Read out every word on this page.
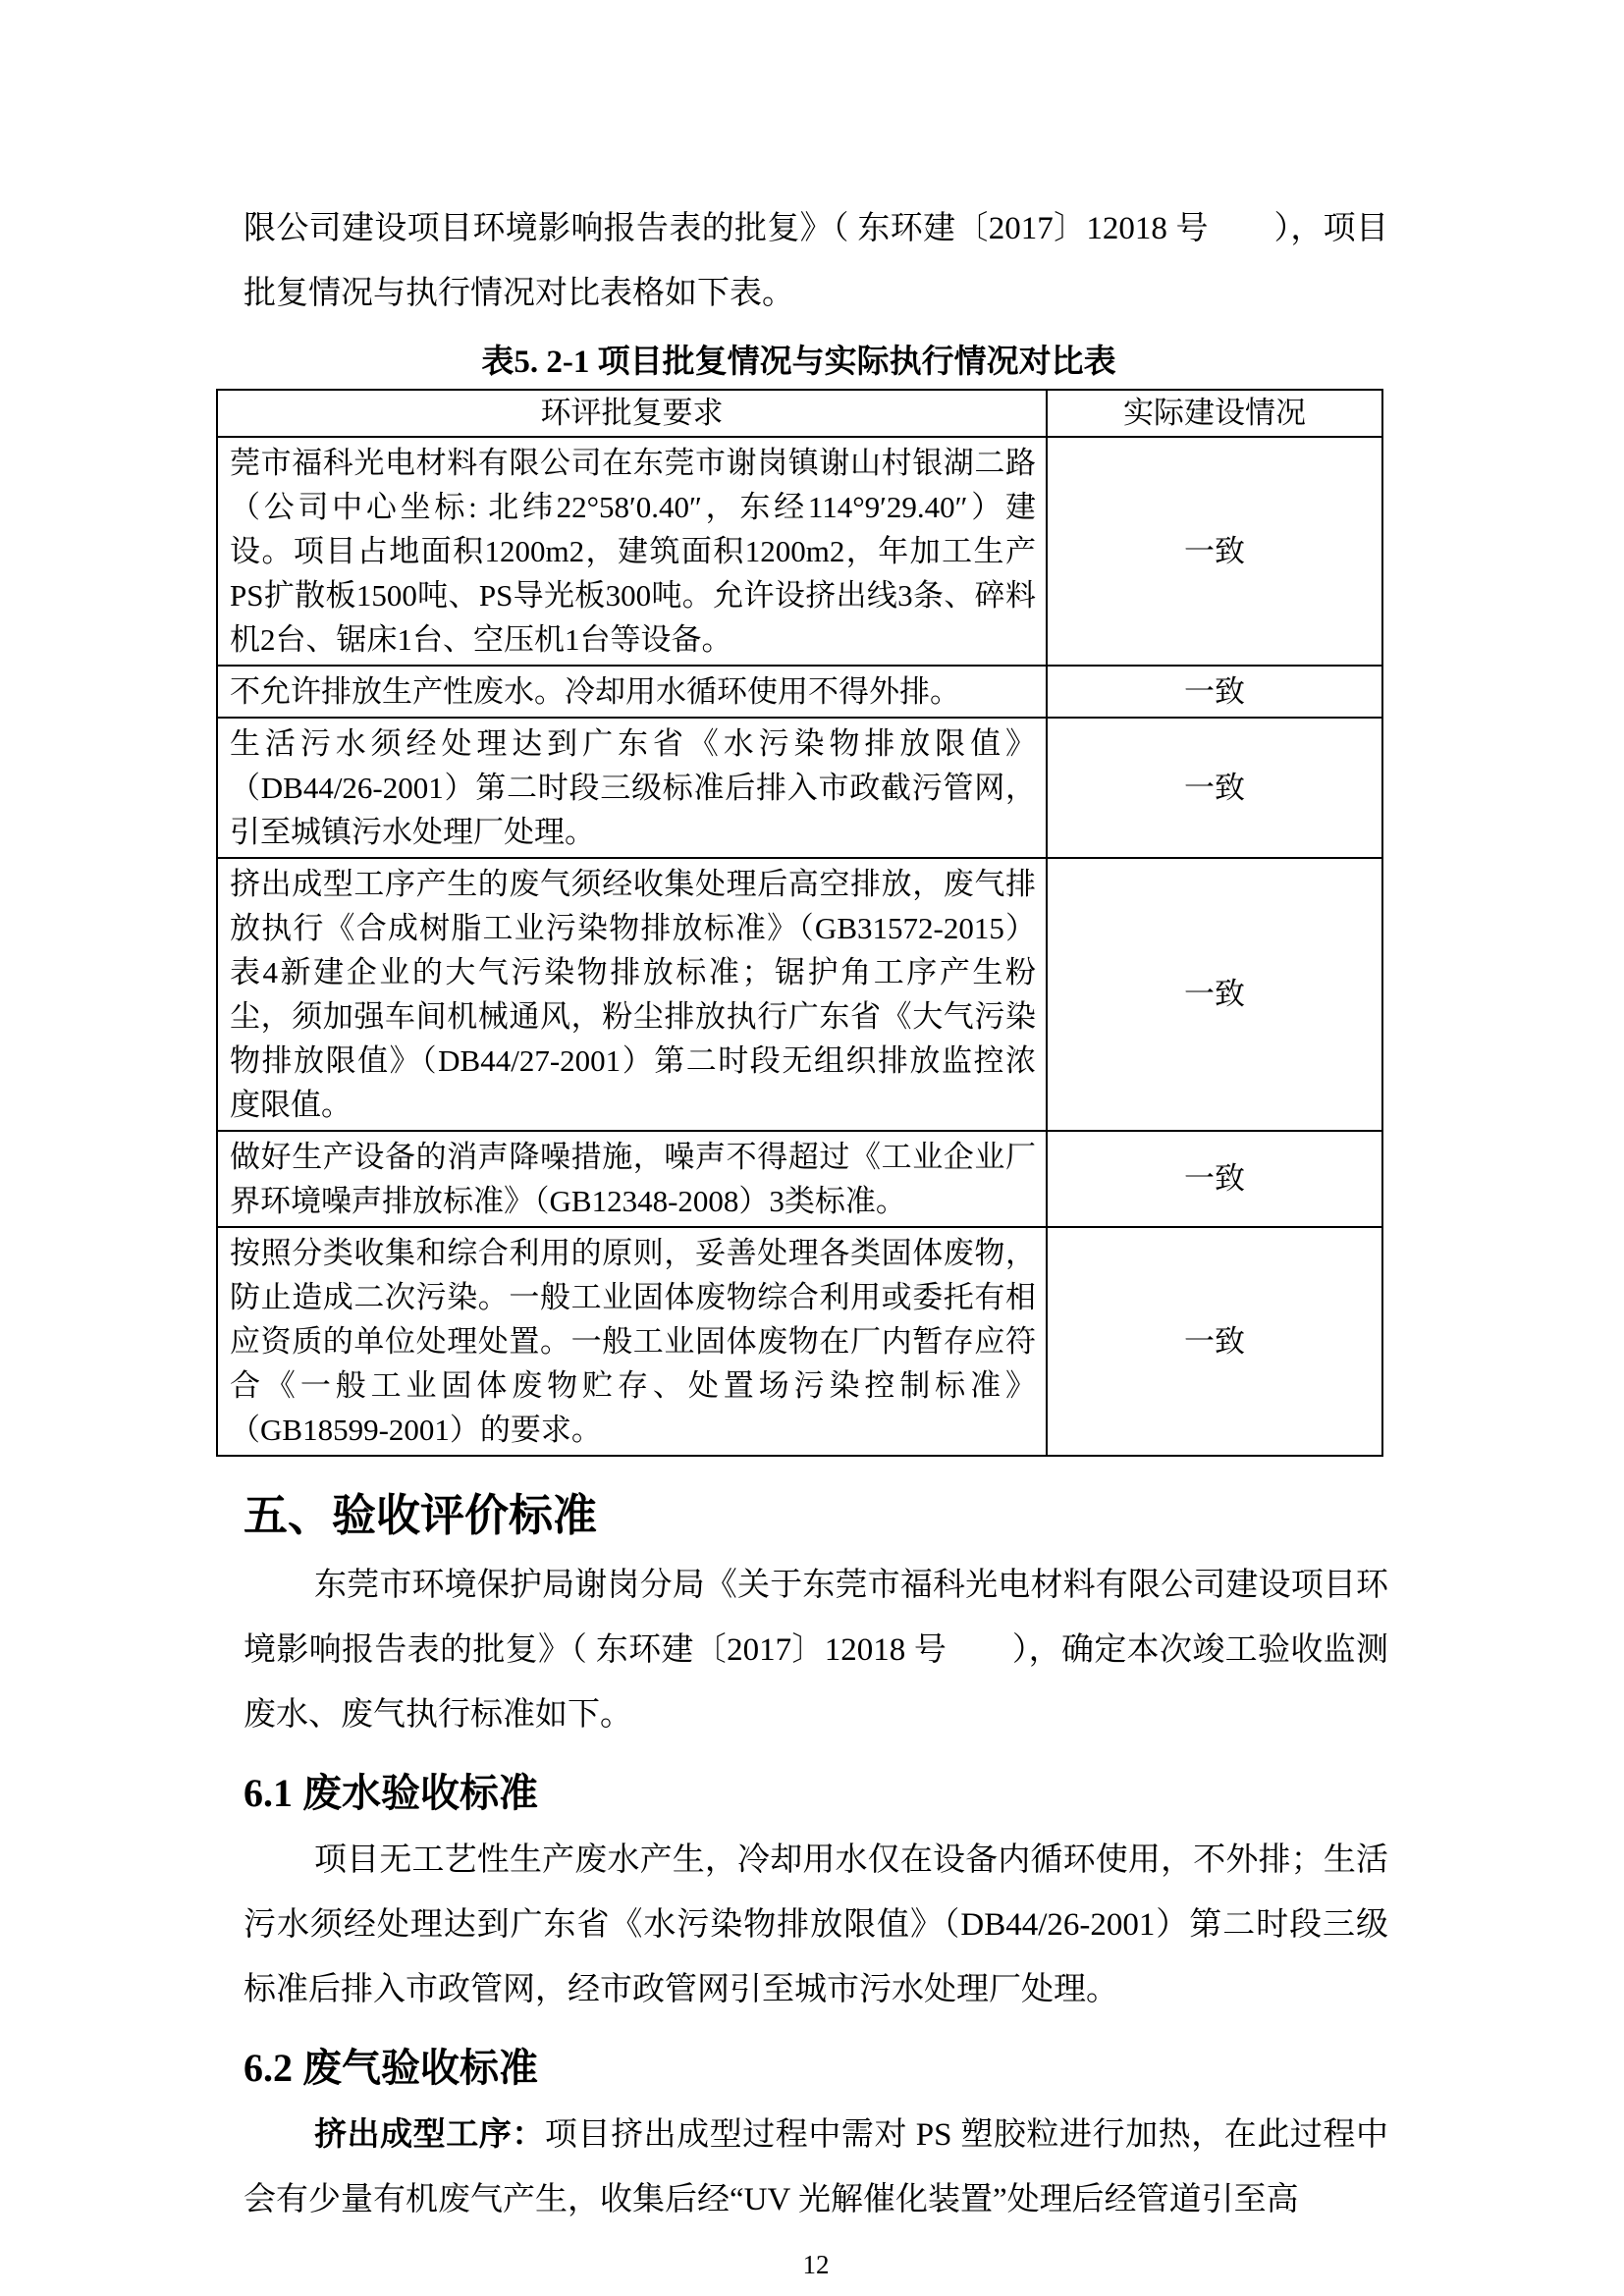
限公司建设项目环境影响报告表的批复》（ 东环建〔2017〕12018 号　　），项目批复情况与执行情况对比表格如下表。

表5. 2-1 项目批复情况与实际执行情况对比表
环评批复要求	实际建设情况
莞市福科光电材料有限公司在东莞市谢岗镇谢山村银湖二路（公司中心坐标: 北纬22°58′0.40″，东经114°9′29.40″）建设。项目占地面积1200m2，建筑面积1200m2，年加工生产PS扩散板1500吨、PS导光板300吨。允许设挤出线3条、碎料机2台、锯床1台、空压机1台等设备。	一致
不允许排放生产性废水。冷却用水循环使用不得外排。	一致
生活污水须经处理达到广东省《水污染物排放限值》（DB44/26-2001）第二时段三级标准后排入市政截污管网，引至城镇污水处理厂处理。	一致
挤出成型工序产生的废气须经收集处理后高空排放，废气排放执行《合成树脂工业污染物排放标准》（GB31572-2015）表4新建企业的大气污染物排放标准；锯护角工序产生粉尘，须加强车间机械通风，粉尘排放执行广东省《大气污染物排放限值》（DB44/27-2001）第二时段无组织排放监控浓度限值。	一致
做好生产设备的消声降噪措施，噪声不得超过《工业企业厂界环境噪声排放标准》（GB12348-2008）3类标准。	一致
按照分类收集和综合利用的原则，妥善处理各类固体废物，防止造成二次污染。一般工业固体废物综合利用或委托有相应资质的单位处理处置。一般工业固体废物在厂内暂存应符合《一般工业固体废物贮存、处置场污染控制标准》（GB18599-2001）的要求。	一致
五、验收评价标准

东莞市环境保护局谢岗分局《关于东莞市福科光电材料有限公司建设项目环境影响报告表的批复》（ 东环建〔2017〕12018 号　　），确定本次竣工验收监测废水、废气执行标准如下。

6.1 废水验收标准

项目无工艺性生产废水产生，冷却用水仅在设备内循环使用，不外排；生活污水须经处理达到广东省《水污染物排放限值》（DB44/26-2001）第二时段三级标准后排入市政管网，经市政管网引至城市污水处理厂处理。

6.2 废气验收标准

挤出成型工序：项目挤出成型过程中需对 PS 塑胶粒进行加热，在此过程中会有少量有机废气产生，收集后经“UV 光解催化装置”处理后经管道引至高

12
